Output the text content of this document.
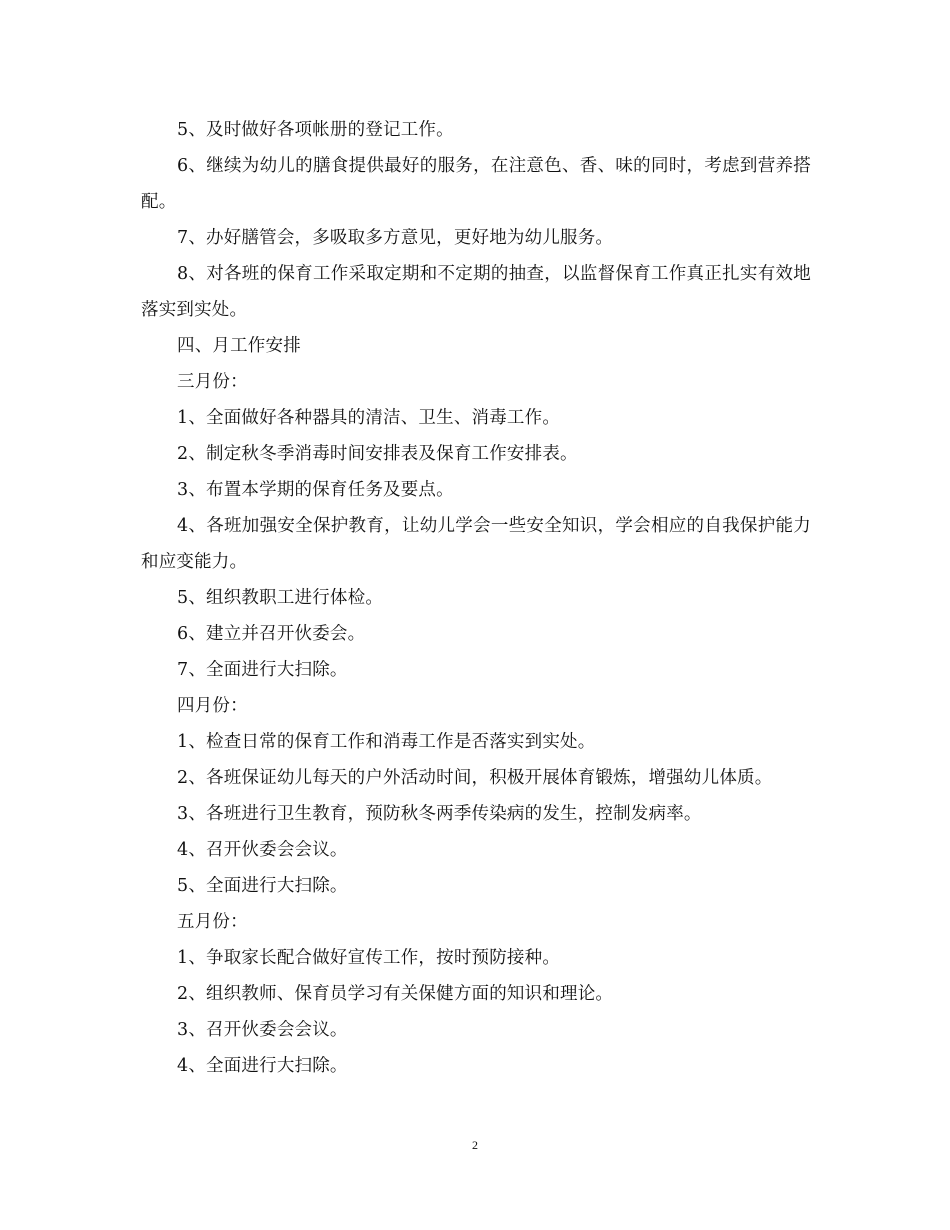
5、及时做好各项帐册的登记工作。

6、继续为幼儿的膳食提供最好的服务，在注意色、香、味的同时，考虑到营养搭配。

7、办好膳管会，多吸取多方意见，更好地为幼儿服务。

8、对各班的保育工作采取定期和不定期的抽查，以监督保育工作真正扎实有效地落实到实处。

四、月工作安排

三月份：

1、全面做好各种器具的清洁、卫生、消毒工作。

2、制定秋冬季消毒时间安排表及保育工作安排表。

3、布置本学期的保育任务及要点。

4、各班加强安全保护教育，让幼儿学会一些安全知识，学会相应的自我保护能力和应变能力。

5、组织教职工进行体检。

6、建立并召开伙委会。

7、全面进行大扫除。

四月份：

1、检查日常的保育工作和消毒工作是否落实到实处。

2、各班保证幼儿每天的户外活动时间，积极开展体育锻炼，增强幼儿体质。

3、各班进行卫生教育，预防秋冬两季传染病的发生，控制发病率。

4、召开伙委会会议。

5、全面进行大扫除。

五月份：

1、争取家长配合做好宣传工作，按时预防接种。

2、组织教师、保育员学习有关保健方面的知识和理论。

3、召开伙委会会议。

4、全面进行大扫除。

2
